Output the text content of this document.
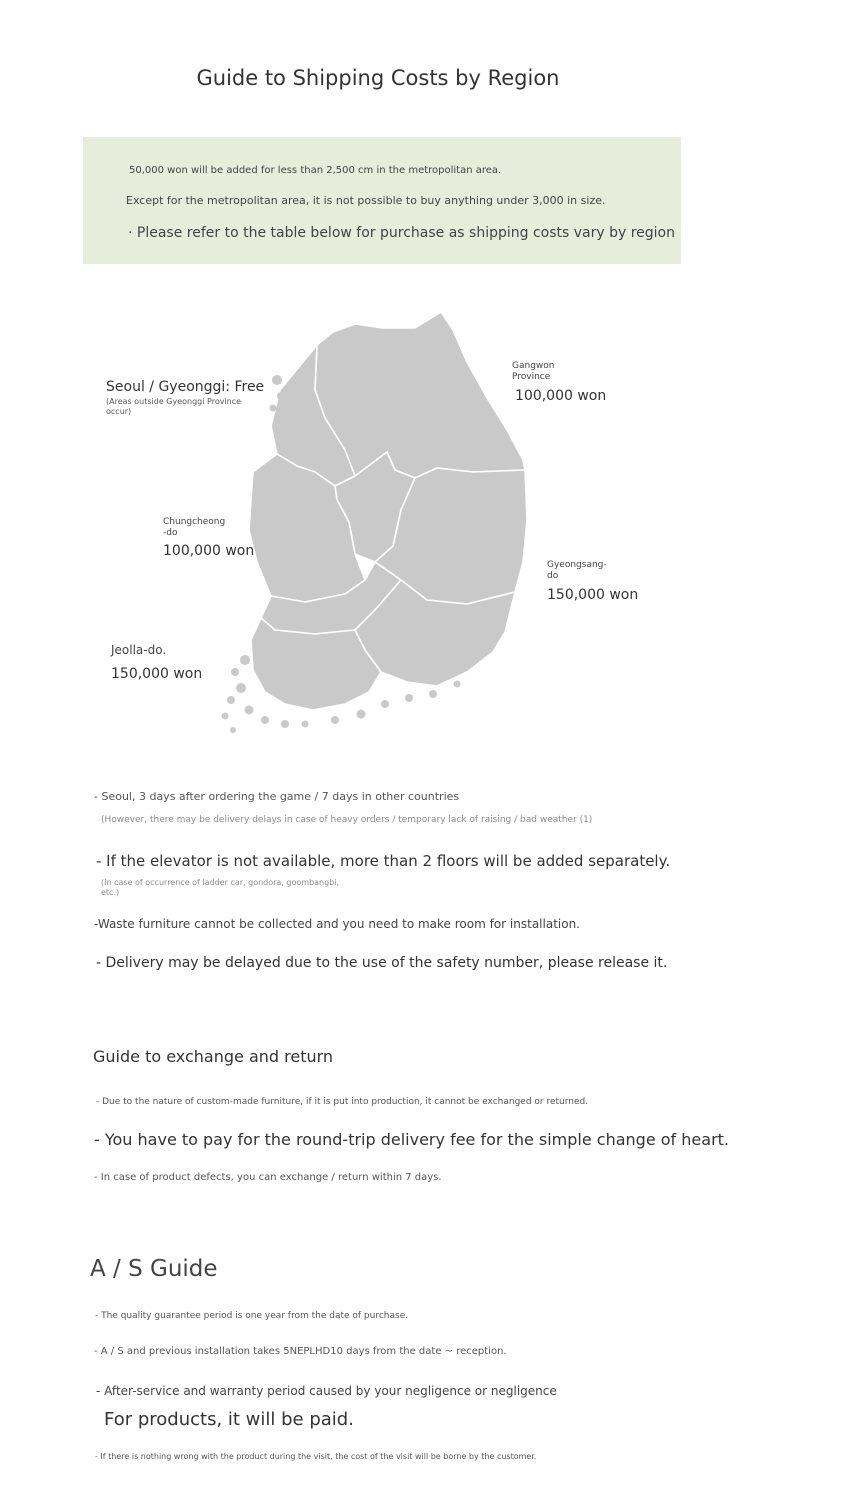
Guide to Shipping Costs by Region
50,000 won will be added for less than 2,500 cm in the metropolitan area.
Except for the metropolitan area, it is not possible to buy anything under 3,000 in size.
· Please refer to the table below for purchase as shipping costs vary by region
Seoul / Gyeonggi: Free
(Areas outside Gyeonggi Province
occur)
Gangwon
Province
100,000 won
Chungcheong
-do
100,000 won
Gyeongsang-
do
150,000 won
Jeolla-do.
150,000 won
- Seoul, 3 days after ordering the game / 7 days in other countries
(However, there may be delivery delays in case of heavy orders / temporary lack of raising / bad weather (1)
- If the elevator is not available, more than 2 floors will be added separately.
(In case of occurrence of ladder car, gondora, goombangbi,
etc.)
-Waste furniture cannot be collected and you need to make room for installation.
- Delivery may be delayed due to the use of the safety number, please release it.
Guide to exchange and return
- Due to the nature of custom-made furniture, if it is put into production, it cannot be exchanged or returned.
- You have to pay for the round-trip delivery fee for the simple change of heart.
- In case of product defects, you can exchange / return within 7 days.
A / S Guide
- The quality guarantee period is one year from the date of purchase.
- A / S and previous installation takes 5NEPLHD10 days from the date ~ reception.
- After-service and warranty period caused by your negligence or negligence
For products, it will be paid.
- If there is nothing wrong with the product during the visit, the cost of the visit will be borne by the customer.
